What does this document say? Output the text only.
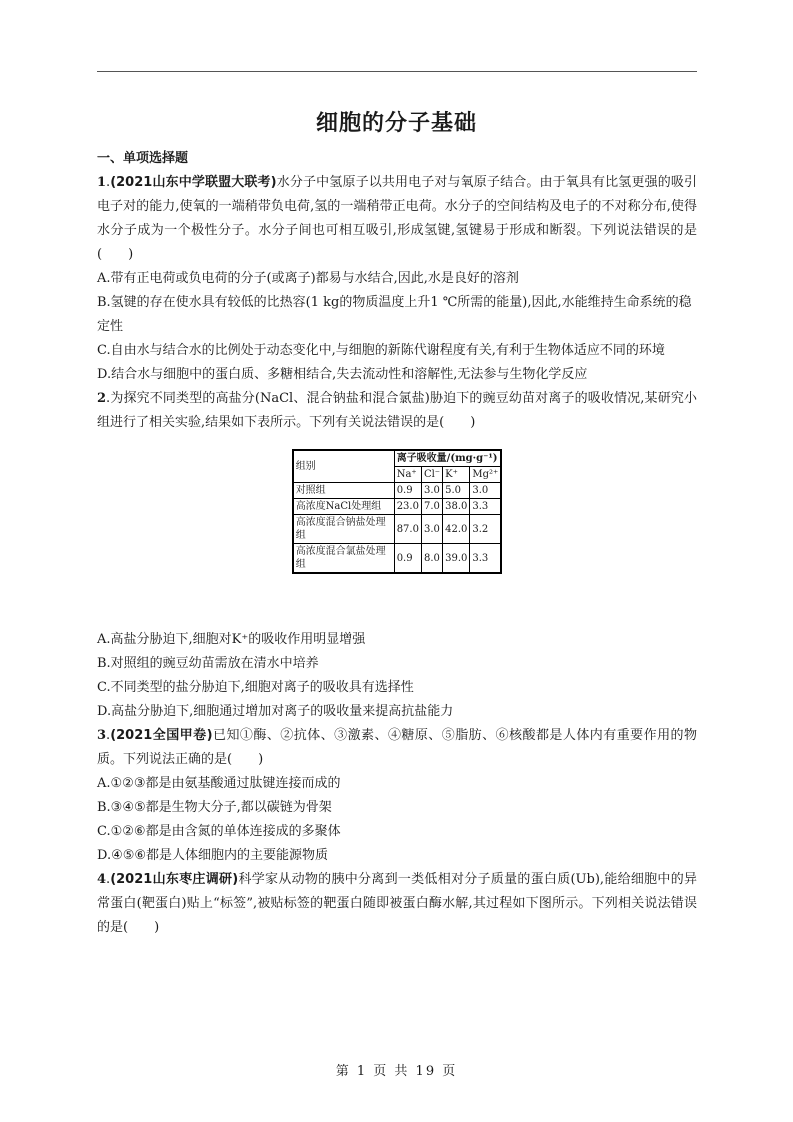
细胞的分子基础
一、单项选择题

1.(2021山东中学联盟大联考)水分子中氢原子以共用电子对与氧原子结合。由于氧具有比氢更强的吸引电子对的能力,使氧的一端稍带负电荷,氢的一端稍带正电荷。水分子的空间结构及电子的不对称分布,使得水分子成为一个极性分子。水分子间也可相互吸引,形成氢键,氢键易于形成和断裂。下列说法错误的是(　　)

A.带有正电荷或负电荷的分子(或离子)都易与水结合,因此,水是良好的溶剂

B.氢键的存在使水具有较低的比热容(1 kg的物质温度上升1 ℃所需的能量),因此,水能维持生命系统的稳定性

C.自由水与结合水的比例处于动态变化中,与细胞的新陈代谢程度有关,有利于生物体适应不同的环境

D.结合水与细胞中的蛋白质、多糖相结合,失去流动性和溶解性,无法参与生物化学反应

2.为探究不同类型的高盐分(NaCl、混合钠盐和混合氯盐)胁迫下的豌豆幼苗对离子的吸收情况,某研究小组进行了相关实验,结果如下表所示。下列有关说法错误的是(　　)

组别	离子吸收量/(mg·g⁻¹)			
	Na⁺	Cl⁻	K⁺	Mg²⁺
对照组	0.9	3.0	5.0	3.0
高浓度NaCl处理组	23.0	7.0	38.0	3.3
高浓度混合钠盐处理组	87.0	3.0	42.0	3.2
高浓度混合氯盐处理组	0.9	8.0	39.0	3.3

A.高盐分胁迫下,细胞对K⁺的吸收作用明显增强

B.对照组的豌豆幼苗需放在清水中培养

C.不同类型的盐分胁迫下,细胞对离子的吸收具有选择性

D.高盐分胁迫下,细胞通过增加对离子的吸收量来提高抗盐能力

3.(2021全国甲卷)已知①酶、②抗体、③激素、④糖原、⑤脂肪、⑥核酸都是人体内有重要作用的物质。下列说法正确的是(　　)

A.①②③都是由氨基酸通过肽键连接而成的

B.③④⑤都是生物大分子,都以碳链为骨架

C.①②⑥都是由含氮的单体连接成的多聚体

D.④⑤⑥都是人体细胞内的主要能源物质

4.(2021山东枣庄调研)科学家从动物的胰中分离到一类低相对分子质量的蛋白质(Ub),能给细胞中的异常蛋白(靶蛋白)贴上“标签”,被贴标签的靶蛋白随即被蛋白酶水解,其过程如下图所示。下列相关说法错误的是(　　)

第 1 页 共 19 页
